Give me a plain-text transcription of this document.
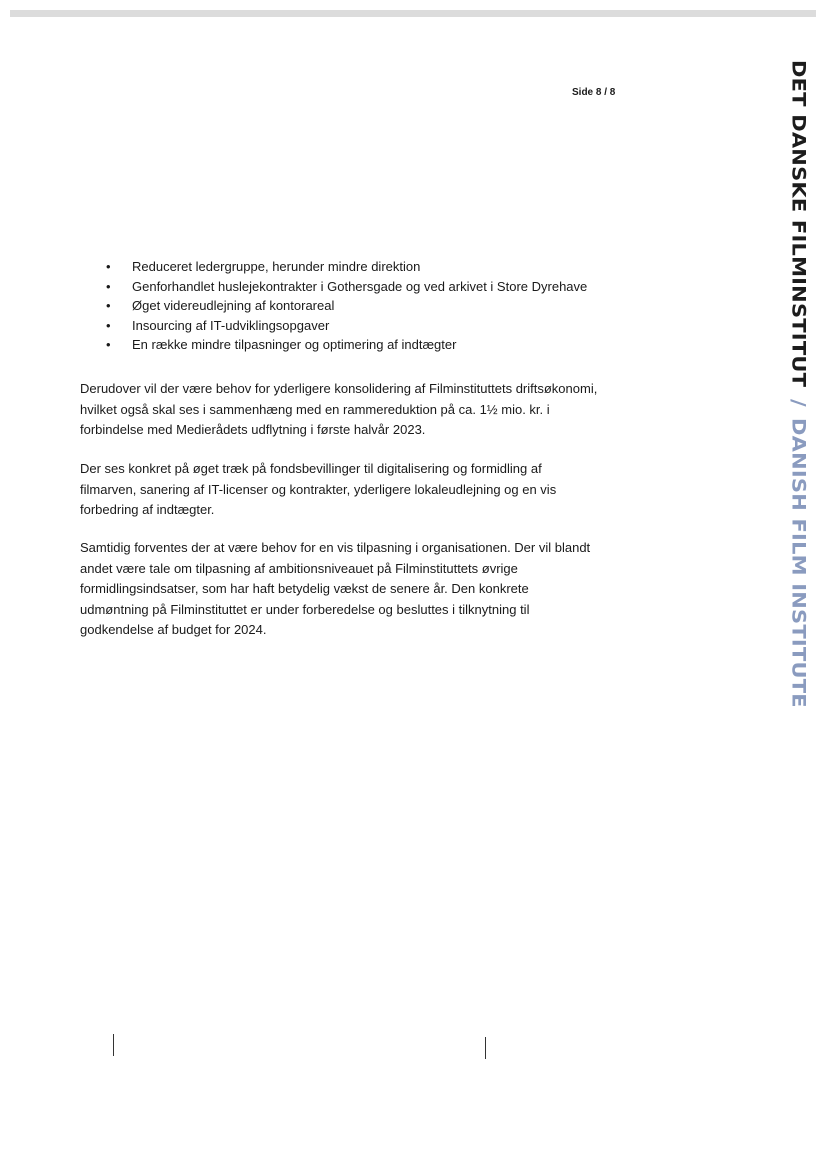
Side 8 / 8	DET DANSKE FILMINSTITUT / DANISH FILM INSTITUTE
• Reduceret ledergruppe, herunder mindre direktion
• Genforhandlet huslejekontrakter i Gothersgade og ved arkivet i Store Dyrehave
• Øget videreudlejning af kontorareal
• Insourcing af IT-udviklingsopgaver
• En række mindre tilpasninger og optimering af indtægter

Derudover vil der være behov for yderligere konsolidering af Filminstituttets driftsøkonomi,
hvilket også skal ses i sammenhæng med en rammereduktion på ca. 1½ mio. kr. i
forbindelse med Medierådets udflytning i første halvår 2023.

Der ses konkret på øget træk på fondsbevillinger til digitalisering og formidling af
filmarven, sanering af IT-licenser og kontrakter, yderligere lokaleudlejning og en vis
forbedring af indtægter.

Samtidig forventes der at være behov for en vis tilpasning i organisationen. Der vil blandt
andet være tale om tilpasning af ambitionsniveauet på Filminstituttets øvrige
formidlingsindsatser, som har haft betydelig vækst de senere år. Den konkrete
udmøntning på Filminstituttet er under forberedelse og besluttes i tilknytning til
godkendelse af budget for 2024.
